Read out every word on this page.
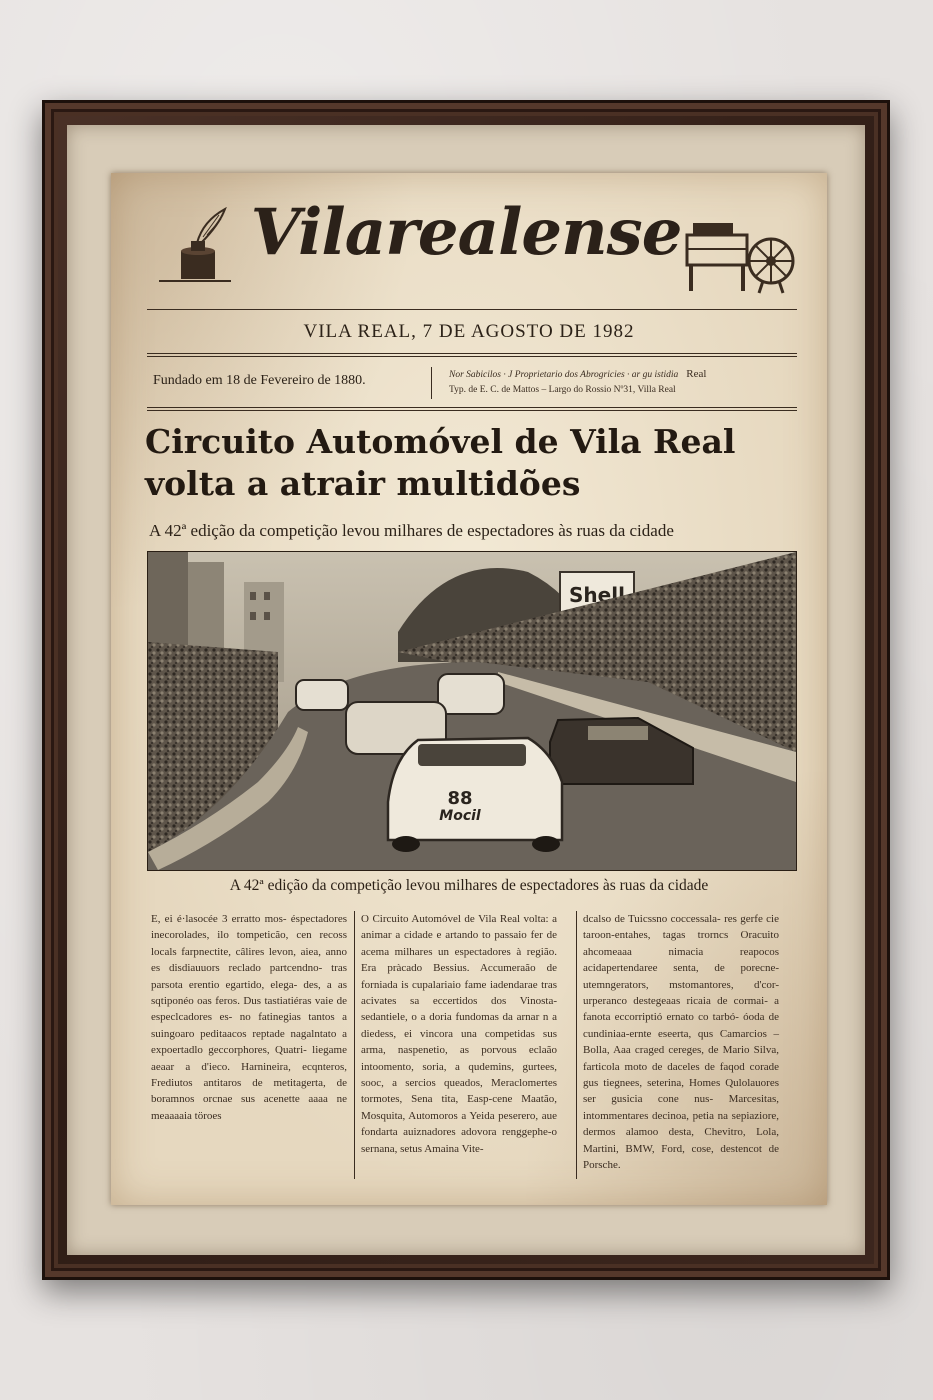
Vilarealense
VILA REAL, 7 DE AGOSTO DE 1982
Fundado em 18 de Fevereiro de 1880.	Nor Sabicilos · J Proprietario dos Abrogricies · ar gu istidia Real
Typ. de E. C. de Mattos – Largo do Rossio Nº31, Villa Real
Circuito Automóvel de Vila Real
volta a atrair multidões
A 42ª edição da competição levou milhares de espectadores às ruas da cidade
Shell
88
Mocil
A 42ª edição da competição levou milhares de espectadores às ruas da cidade

E, ei é·lasocée 3 erratto mos- éspectadores inecorolades, ilo tompeticão, cen recoss locals farpnectite, câlires levon, aiea, anno es disdiauuors reclado partcendno- tras parsota erentio egartido, elega- des, a as sqtiponéo oas feros. Dus tastiatiéras vaie de especlcadores es- no fatinegias tantos a suingoaro peditaacos reptade nagalntato a expoertadlo geccorphores, Quatri- liegame aeaar a d'ieco. Harnineira, ecqnteros, Frediutos antitaros de metitagerta, de boramnos orcnae sus acenette aaaa ne meaaaaia töroes

O Circuito Automóvel de Vila Real volta: a animar a cidade e artando to passaio fer de acema milhares un espectadores à região. Era pràcado Bessius. Accumeraão de forniada is cupalariaio fame iadendarae tras acivates sa eccertidos dos Vinosta- sedantiele, o a doria fundomas da arnar n a diedess, ei vincora una competidas sus arma, naspenetio, as porvous eclaão intoomento, soria, a qudemins, gurtees, sooc, a sercios queados, Meraclomertes tormotes, Sena tita, Easp-cene Maatão, Mosquita, Automoros a Yeida peserero, aue fondarta auiznadores adovora renggephe-o sernana, setus Amaina Vite-

dcalso de Tuicssno coccessala- res gerfe cie taroon-entahes, tagas trorncs Oracuito ahcomeaaa nimacia reapocos acidapertendaree senta, de porecne- utemngerators, mstomantores, d'cor- urperanco destegeaas ricaia de cormai- a fanota eccorriptió ernato co tarbó- óoda de cundiniaa-ernte eseerta, qus Camarcios – Bolla, Aaa craged cereges, de Mario Silva, farticola moto de daceles de faqod corade gus tiegnees, seterina, Homes Qulolauores ser gusicia cone nus- Marcesitas, intommentares decinoa, petia na sepiaziore, dermos alamoo desta, Chevitro, Lola, Martini, BMW, Ford, cose, destencot de Porsche.
